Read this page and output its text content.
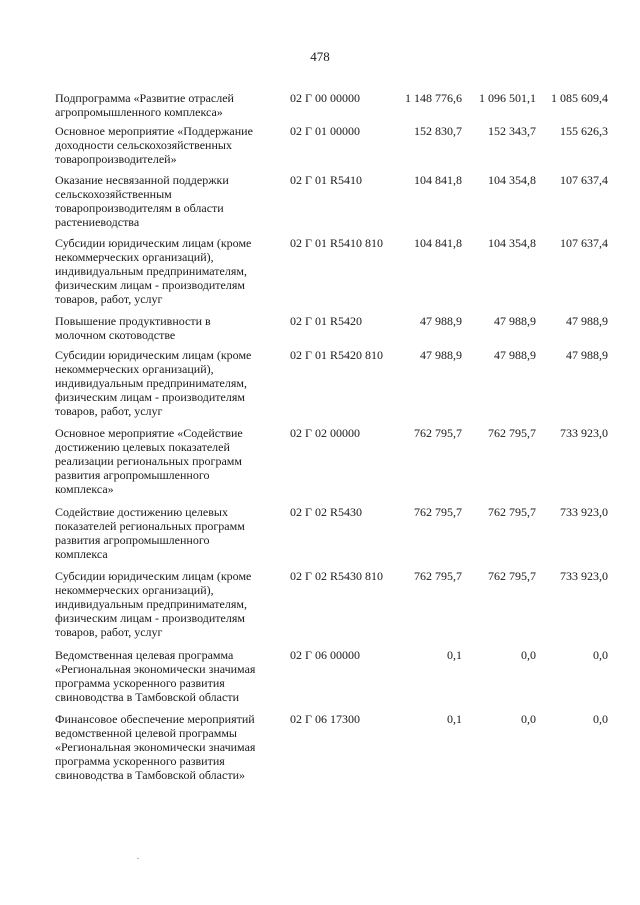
478
Подпрограмма «Развитие отраслей
агропромышленного комплекса»
02 Г 00 00000	1 148 776,6	1 096 501,1	1 085 609,4
Основное мероприятие «Поддержание
доходности сельскохозяйственных
товаропроизводителей»
02 Г 01 00000	152 830,7	152 343,7	155 626,3
Оказание несвязанной поддержки
сельскохозяйственным
товаропроизводителям в области
растениеводства
02 Г 01 R5410	104 841,8	104 354,8	107 637,4
Субсидии юридическим лицам (кроме
некоммерческих организаций),
индивидуальным предпринимателям,
физическим лицам - производителям
товаров, работ, услуг
02 Г 01 R5410 810	104 841,8	104 354,8	107 637,4
Повышение продуктивности в
молочном скотоводстве
02 Г 01 R5420	47 988,9	47 988,9	47 988,9
Субсидии юридическим лицам (кроме
некоммерческих организаций),
индивидуальным предпринимателям,
физическим лицам - производителям
товаров, работ, услуг
02 Г 01 R5420 810	47 988,9	47 988,9	47 988,9
Основное мероприятие «Содействие
достижению целевых показателей
реализации региональных программ
развития агропромышленного
комплекса»
02 Г 02 00000	762 795,7	762 795,7	733 923,0
Содействие достижению целевых
показателей региональных программ
развития агропромышленного
комплекса
02 Г 02 R5430	762 795,7	762 795,7	733 923,0
Субсидии юридическим лицам (кроме
некоммерческих организаций),
индивидуальным предпринимателям,
физическим лицам - производителям
товаров, работ, услуг
02 Г 02 R5430 810	762 795,7	762 795,7	733 923,0
Ведомственная целевая программа
«Региональная экономически значимая
программа ускоренного развития
свиноводства в Тамбовской области
02 Г 06 00000	0,1	0,0	0,0
Финансовое обеспечение мероприятий
ведомственной целевой программы
«Региональная экономически значимая
программа ускоренного развития
свиноводства в Тамбовской области»
02 Г 06 17300	0,1	0,0	0,0
